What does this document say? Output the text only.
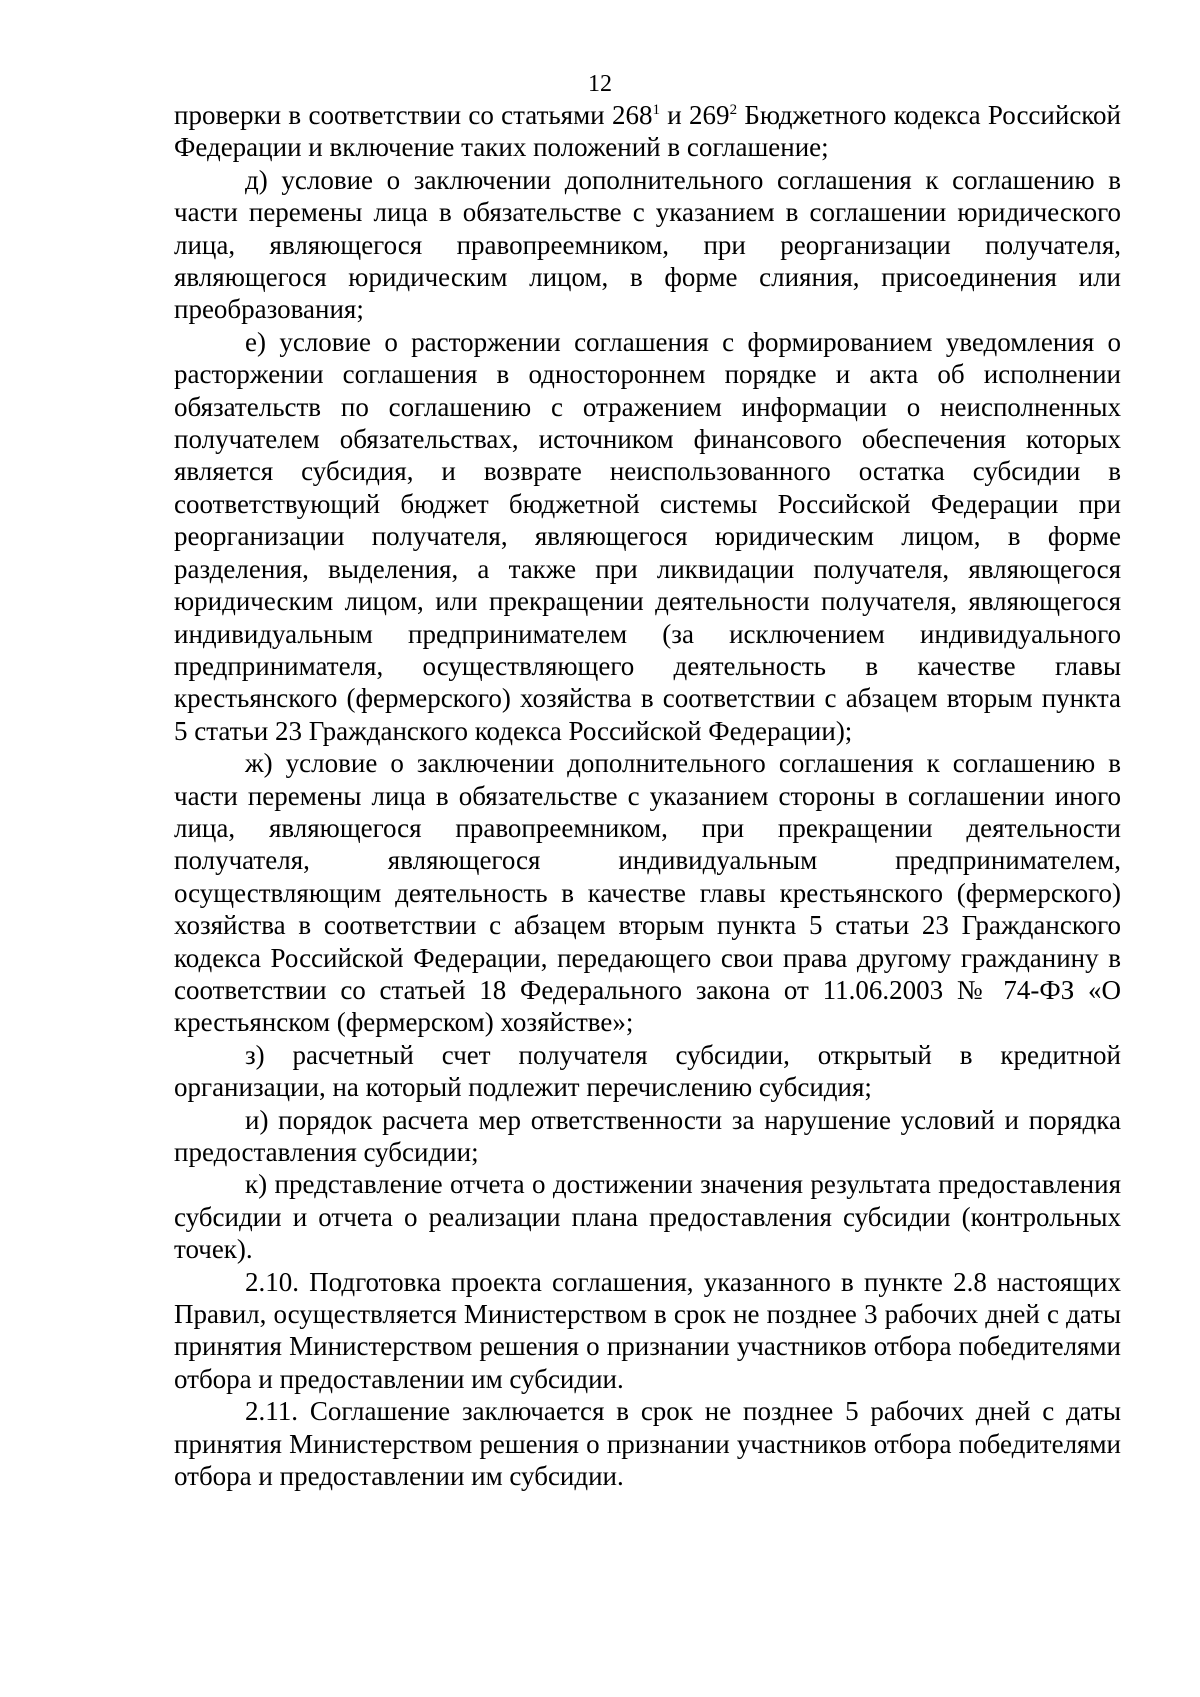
12

проверки в соответствии со статьями $268^1$ и $269^2$ Бюджетного кодекса Российской Федерации и включение таких положений в соглашение;

д) условие о заключении дополнительного соглашения к соглашению в части перемены лица в обязательстве с указанием в соглашении юридического лица, являющегося правопреемником, при реорганизации получателя, являющегося юридическим лицом, в форме слияния, присоединения или преобразования;

е) условие о расторжении соглашения с формированием уведомления о расторжении соглашения в одностороннем порядке и акта об исполнении обязательств по соглашению с отражением информации о неисполненных получателем обязательствах, источником финансового обеспечения которых является субсидия, и возврате неиспользованного остатка субсидии в соответствующий бюджет бюджетной системы Российской Федерации при реорганизации получателя, являющегося юридическим лицом, в форме разделения, выделения, а также при ликвидации получателя, являющегося юридическим лицом, или прекращении деятельности получателя, являющегося индивидуальным предпринимателем (за исключением индивидуального предпринимателя, осуществляющего деятельность в качестве главы крестьянского (фермерского) хозяйства в соответствии с абзацем вторым пункта 5 статьи 23 Гражданского кодекса Российской Федерации);

ж) условие о заключении дополнительного соглашения к соглашению в части перемены лица в обязательстве с указанием стороны в соглашении иного лица, являющегося правопреемником, при прекращении деятельности получателя, являющегося индивидуальным предпринимателем, осуществляющим деятельность в качестве главы крестьянского (фермерского) хозяйства в соответствии с абзацем вторым пункта 5 статьи 23 Гражданского кодекса Российской Федерации, передающего свои права другому гражданину в соответствии со статьей 18 Федерального закона от 11.06.2003 № 74-ФЗ «О крестьянском (фермерском) хозяйстве»;

з) расчетный счет получателя субсидии, открытый в кредитной организации, на который подлежит перечислению субсидия;

и) порядок расчета мер ответственности за нарушение условий и порядка предоставления субсидии;

к) представление отчета о достижении значения результата предоставления субсидии и отчета о реализации плана предоставления субсидии (контрольных точек).

2.10. Подготовка проекта соглашения, указанного в пункте 2.8 настоящих Правил, осуществляется Министерством в срок не позднее 3 рабочих дней с даты принятия Министерством решения о признании участников отбора победителями отбора и предоставлении им субсидии.

2.11. Соглашение заключается в срок не позднее 5 рабочих дней с даты принятия Министерством решения о признании участников отбора победителями отбора и предоставлении им субсидии.
